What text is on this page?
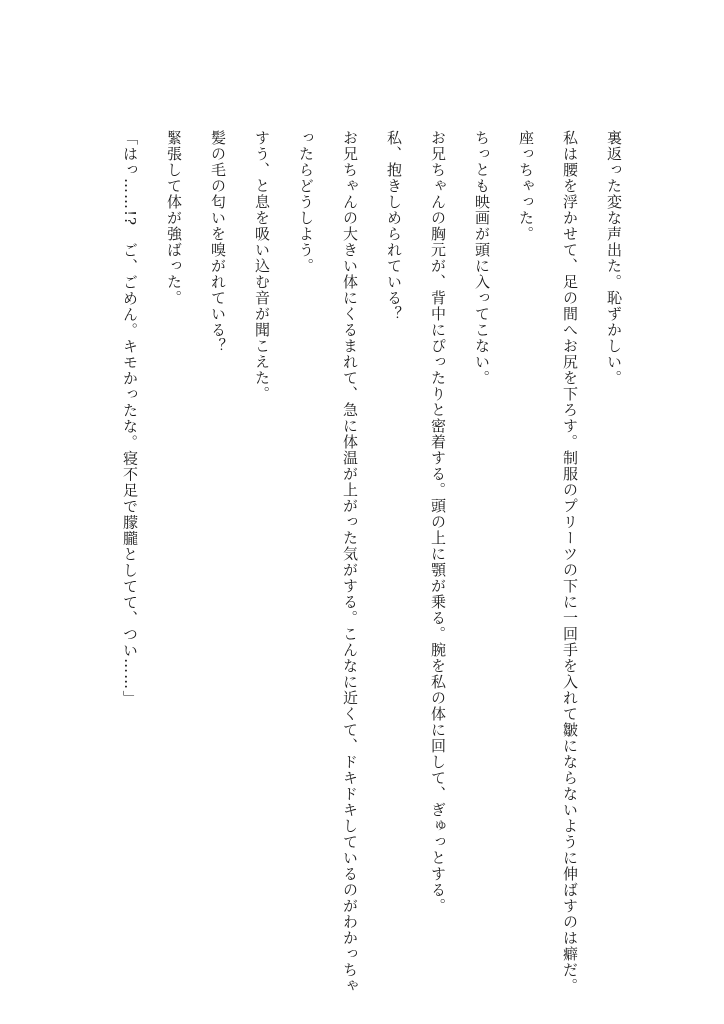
裏返った変な声出た。恥ずかしい。
私は腰を浮かせて、足の間へお尻を下ろす。制服のプリーツの下に一回手を入れて皺にならないように伸ばすのは癖だ。
座っちゃった。
ちっとも映画が頭に入ってこない。
お兄ちゃんの胸元が、背中にぴったりと密着する。頭の上に顎が乗る。腕を私の体に回して、ぎゅっとする。
私、抱きしめられている？
お兄ちゃんの大きい体にくるまれて、急に体温が上がった気がする。こんなに近くて、ドキドキしているのがわかっちゃ
ったらどうしよう。
すう、と息を吸い込む音が聞こえた。
髪の毛の匂いを嗅がれている？
緊張して体が強ばった。
「はっ……!?　ご、ごめん。キモかったな。寝不足で朦朧としてて、つい……」
